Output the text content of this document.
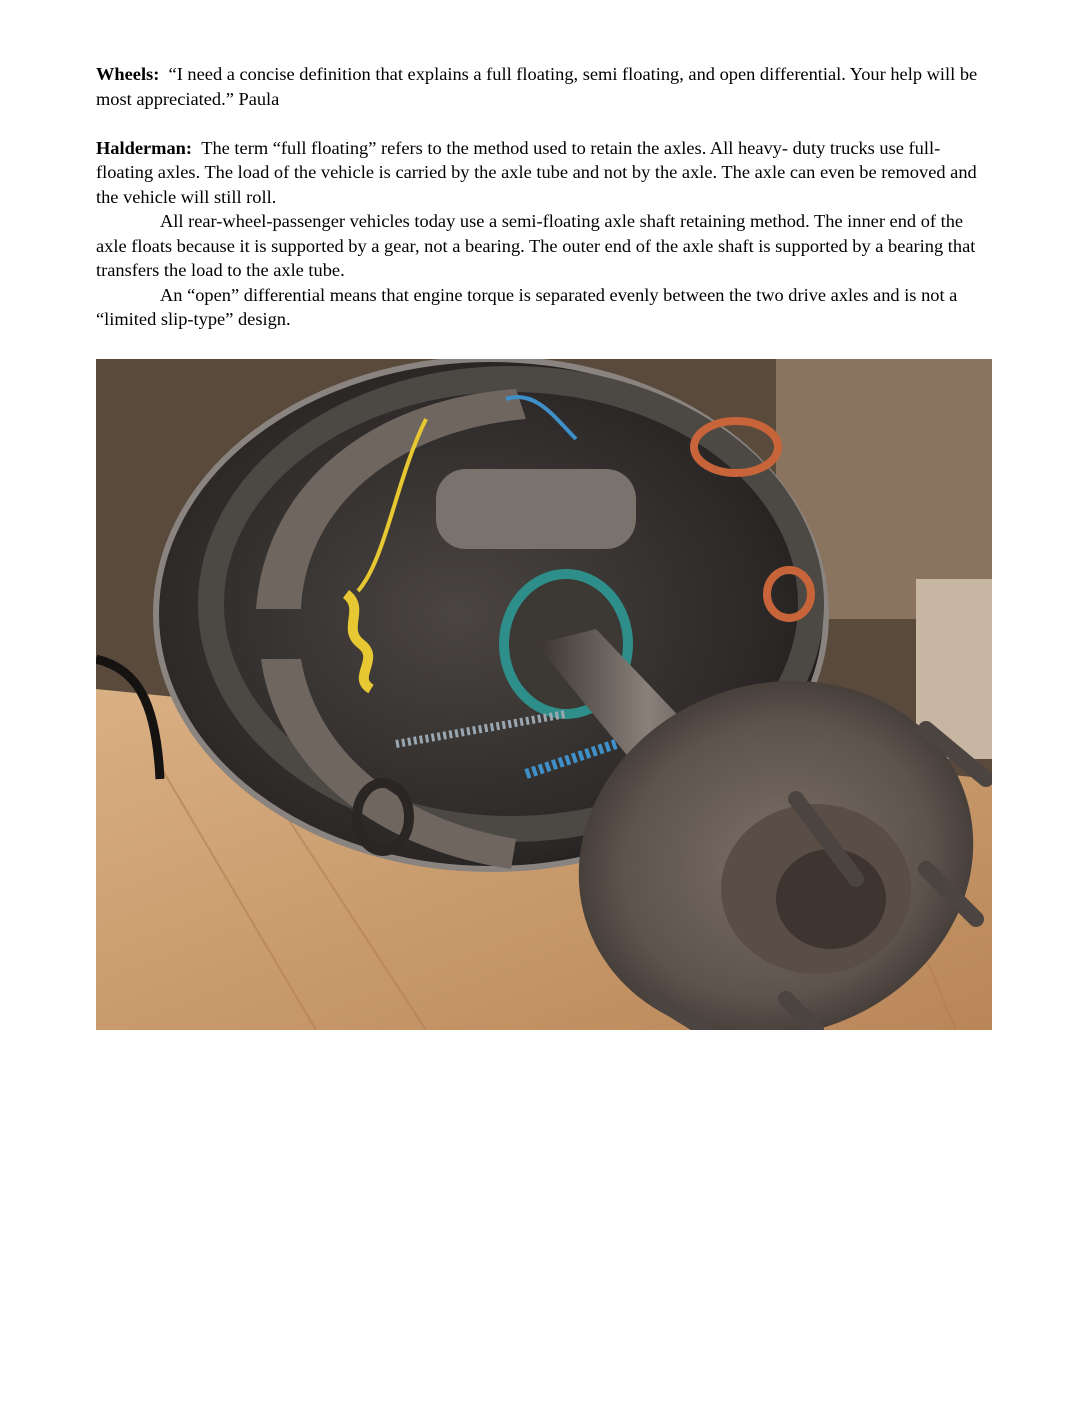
Wheels: “I need a concise definition that explains a full floating, semi floating, and open differential. Your help will be most appreciated.” Paula

Halderman: The term “full floating” refers to the method used to retain the axles. All heavy- duty trucks use full-floating axles. The load of the vehicle is carried by the axle tube and not by the axle. The axle can even be removed and the vehicle will still roll.

All rear-wheel-passenger vehicles today use a semi-floating axle shaft retaining method. The inner end of the axle floats because it is supported by a gear, not a bearing. The outer end of the axle shaft is supported by a bearing that transfers the load to the axle tube.

An “open” differential means that engine torque is separated evenly between the two drive axles and is not a “limited slip-type” design.
